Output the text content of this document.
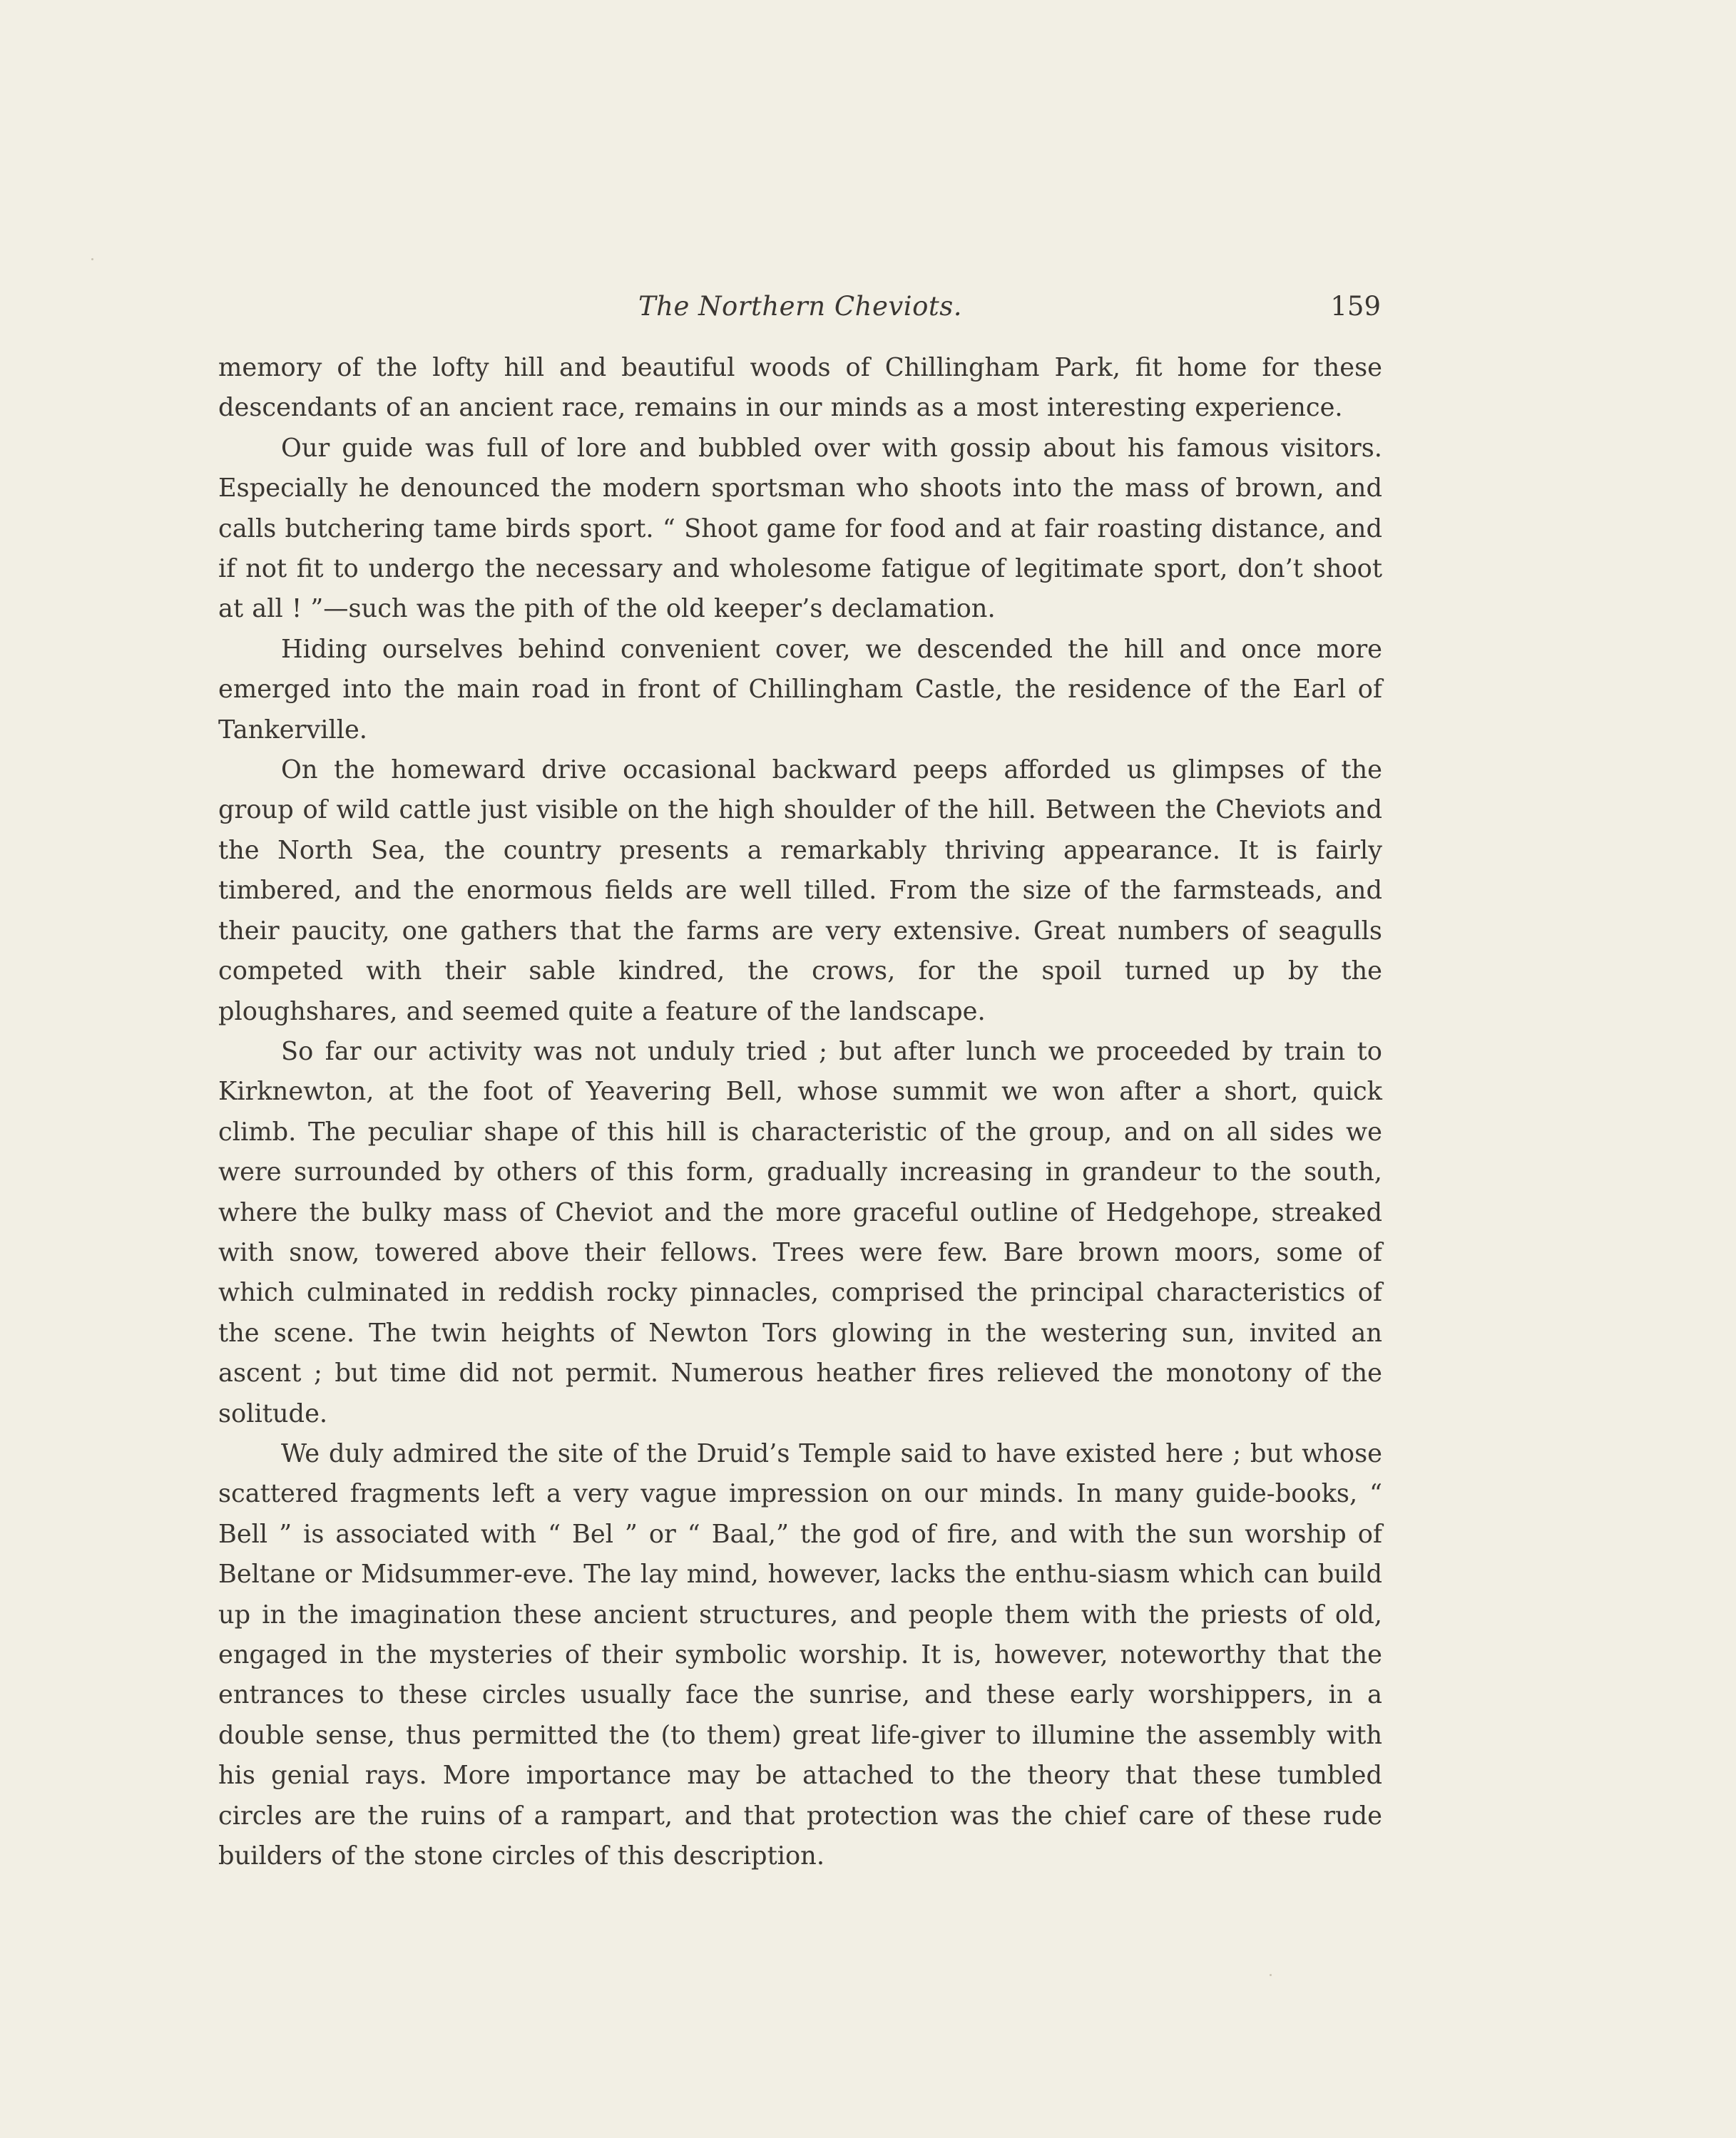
The Northern Cheviots.	159

memory of the lofty hill and beautiful woods of Chillingham Park, fit home for these descendants of an ancient race, remains in our minds as a most interesting experience.

Our guide was full of lore and bubbled over with gossip about his famous visitors. Especially he denounced the modern sportsman who shoots into the mass of brown, and calls butchering tame birds sport. “ Shoot game for food and at fair roasting distance, and if not fit to undergo the necessary and wholesome fatigue of legitimate sport, don’t shoot at all ! ”—such was the pith of the old keeper’s declamation.

Hiding ourselves behind convenient cover, we descended the hill and once more emerged into the main road in front of Chillingham Castle, the residence of the Earl of Tankerville.

On the homeward drive occasional backward peeps afforded us glimpses of the group of wild cattle just visible on the high shoulder of the hill. Between the Cheviots and the North Sea, the country presents a remarkably thriving appearance. It is fairly timbered, and the enormous fields are well tilled. From the size of the farmsteads, and their paucity, one gathers that the farms are very extensive. Great numbers of seagulls competed with their sable kindred, the crows, for the spoil turned up by the ploughshares, and seemed quite a feature of the landscape.

So far our activity was not unduly tried ; but after lunch we proceeded by train to Kirknewton, at the foot of Yeavering Bell, whose summit we won after a short, quick climb. The peculiar shape of this hill is characteristic of the group, and on all sides we were surrounded by others of this form, gradually increasing in grandeur to the south, where the bulky mass of Cheviot and the more graceful outline of Hedgehope, streaked with snow, towered above their fellows. Trees were few. Bare brown moors, some of which culminated in reddish rocky pinnacles, comprised the principal characteristics of the scene. The twin heights of Newton Tors glowing in the westering sun, invited an ascent ; but time did not permit. Numerous heather fires relieved the monotony of the solitude.

We duly admired the site of the Druid’s Temple said to have existed here ; but whose scattered fragments left a very vague impression on our minds. In many guide-books, “ Bell ” is associated with “ Bel ” or “ Baal,” the god of fire, and with the sun worship of Beltane or Midsummer-eve. The lay mind, however, lacks the enthu-siasm which can build up in the imagination these ancient structures, and people them with the priests of old, engaged in the mysteries of their symbolic worship. It is, however, noteworthy that the entrances to these circles usually face the sunrise, and these early worshippers, in a double sense, thus permitted the (to them) great life-giver to illumine the assembly with his genial rays. More importance may be attached to the theory that these tumbled circles are the ruins of a rampart, and that protection was the chief care of these rude builders of the stone circles of this description.
